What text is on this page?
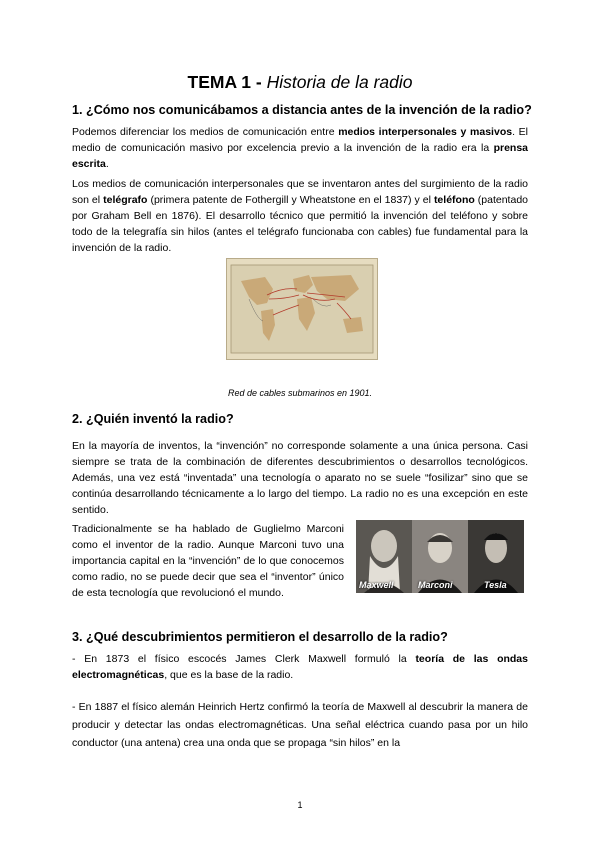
TEMA 1 - Historia de la radio
1. ¿Cómo nos comunicábamos a distancia antes de la invención de la radio?

Podemos diferenciar los medios de comunicación entre medios interpersonales y masivos. El medio de comunicación masivo por excelencia previo a la invención de la radio era la prensa escrita.

Los medios de comunicación interpersonales que se inventaron antes del surgimiento de la radio son el telégrafo (primera patente de Fothergill y Wheatstone en el 1837) y el teléfono (patentado por Graham Bell en 1876). El desarrollo técnico que permitió la invención del teléfono y sobre todo de la telegrafía sin hilos (antes el telégrafo funcionaba con cables) fue fundamental para la invención de la radio.

Red de cables submarinos en 1901.
2. ¿Quién inventó la radio?

En la mayoría de inventos, la “invención” no corresponde solamente a una única persona. Casi siempre se trata de la combinación de diferentes descubrimientos o desarrollos tecnológicos. Además, una vez está “inventada” una tecnología o aparato no se suele “fosilizar” sino que se continúa desarrollando técnicamente a lo largo del tiempo. La radio no es una excepción en este sentido.

Tradicionalmente se ha hablado de Guglielmo Marconi como el inventor de la radio. Aunque Marconi tuvo una importancia capital en la “invención” de lo que conocemos como radio, no se puede decir que sea el “inventor” único de esta tecnología que revolucionó el mundo.

Maxwell	Marconi	Tesla
3. ¿Qué descubrimientos permitieron el desarrollo de la radio?

- En 1873 el físico escocés James Clerk Maxwell formuló la teoría de las ondas electromagnéticas, que es la base de la radio.

- En 1887 el físico alemán Heinrich Hertz confirmó la teoría de Maxwell al descubrir la manera de producir y detectar las ondas electromagnéticas. Una señal eléctrica cuando pasa por un hilo conductor (una antena) crea una onda que se propaga “sin hilos” en la

1
